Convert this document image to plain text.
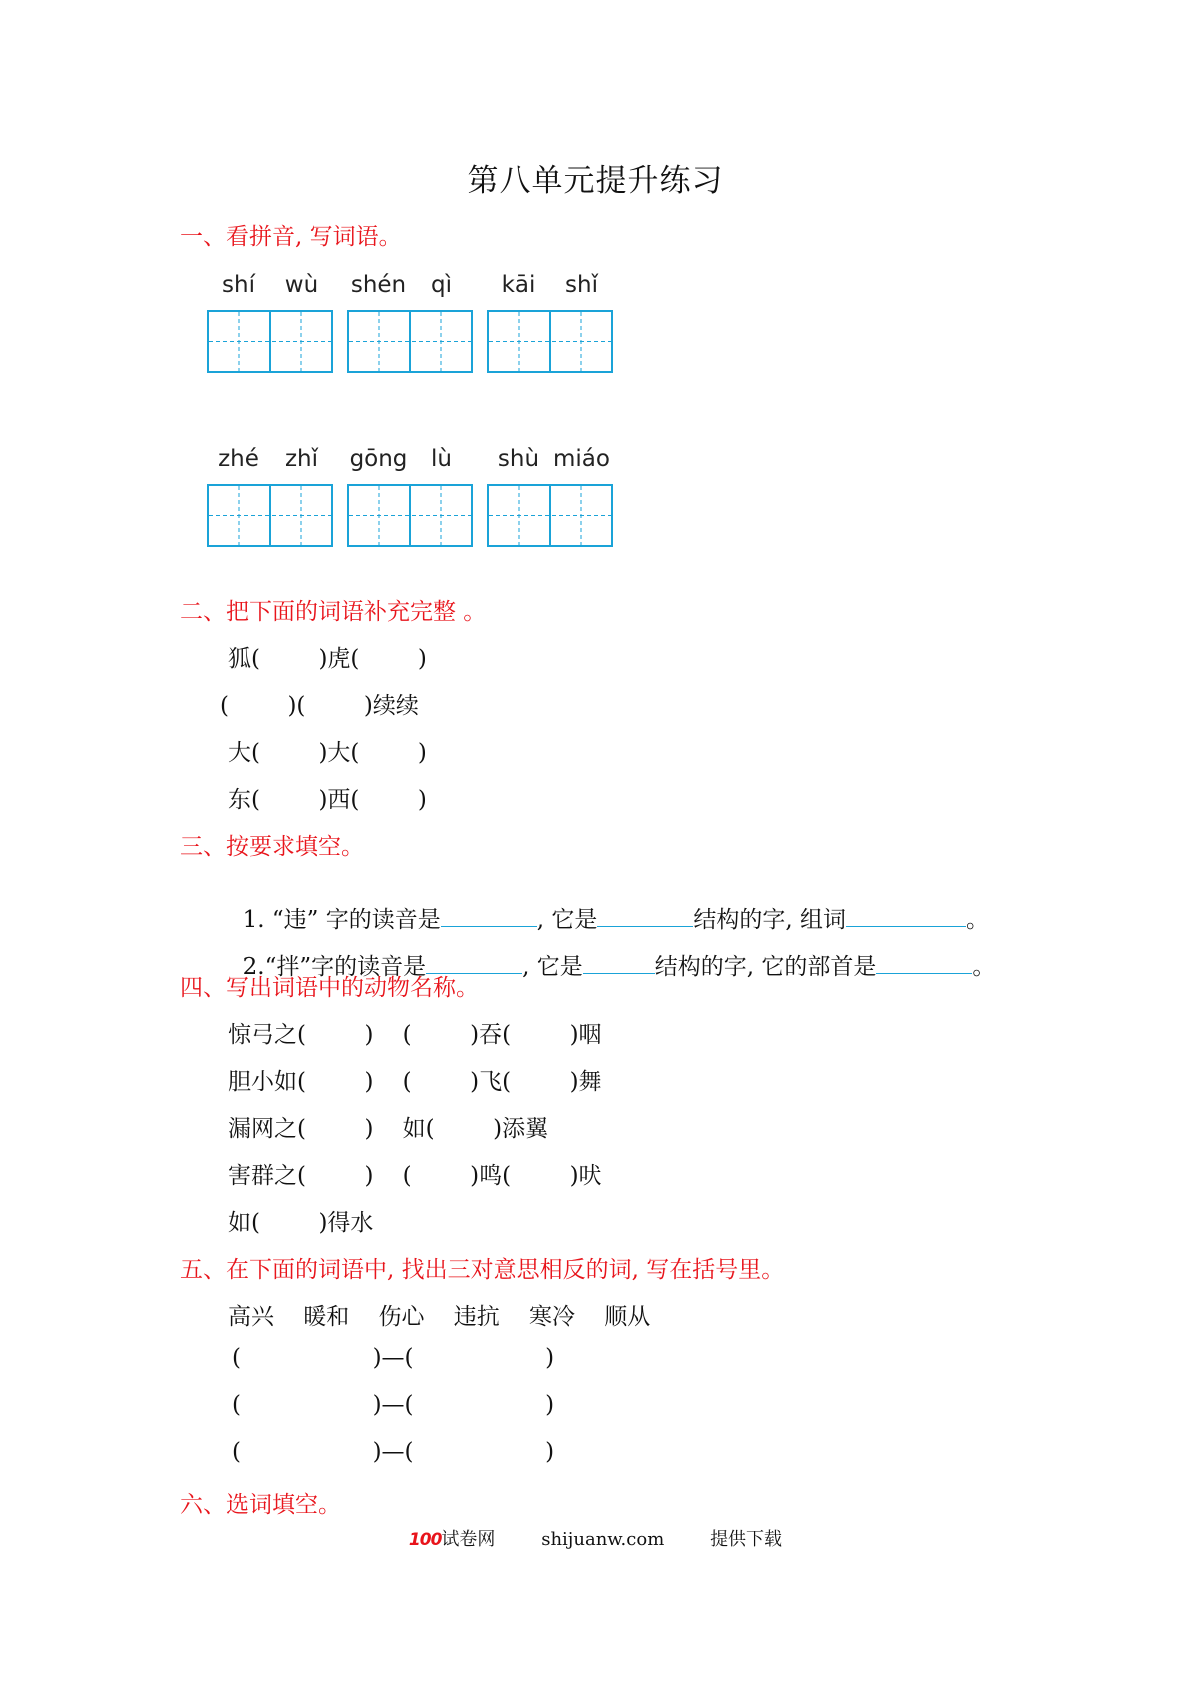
第八单元提升练习
一、看拼音, 写词语。
shí	wù	shén	qì	kāi	shǐ
zhé	zhǐ	gōng	lù	shù miáo
二、把下面的词语补充完整 。
狐(        )虎(        )
(        )(        )续续
大(        )大(        )
东(        )西(        )
三、按要求填空。

1. “违” 字的读音是	, 它是	结构的字, 组词	。

2.“拌”字的读音是	, 它是	结构的字, 它的部首是	。

四、写出词语中的动物名称。
惊弓之(        )    (        )吞(        )咽
胆小如(        )    (        )飞(        )舞
漏网之(        )    如(        )添翼
害群之(        )    (        )鸣(        )吠
如(        )得水
五、在下面的词语中, 找出三对意思相反的词, 写在括号里。
高兴    暖和    伤心    违抗    寒冷    顺从
(                  )—(                  )
(                  )—(                  )
(                  )—(                  )
六、选词填空。
100试卷网	shijuanw.com	提供下载
